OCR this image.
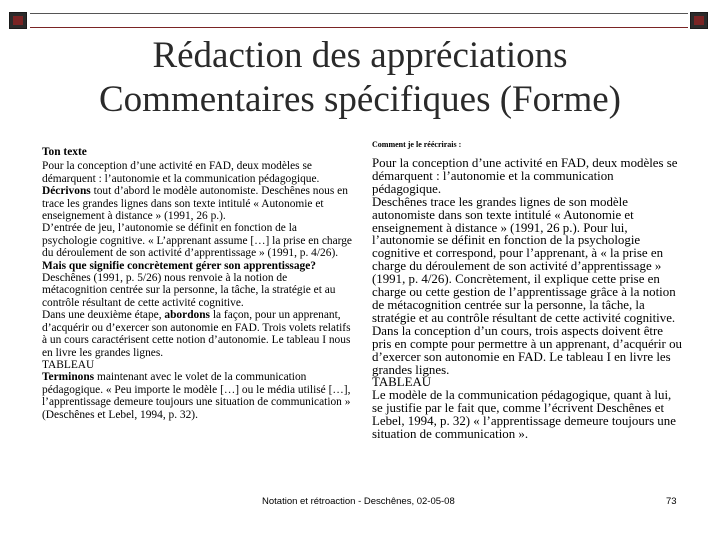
Rédaction des appréciations
Commentaires spécifiques (Forme)
Ton texte

Pour la conception d’une activité en FAD, deux modèles se démarquent : l’autonomie et la communication pédagogique.

Décrivons tout d’abord le modèle autonomiste. Deschênes nous en trace les grandes lignes dans son texte intitulé « Autonomie et enseignement à distance » (1991, 26 p.).

D’entrée de jeu, l’autonomie se définit en fonction de la psychologie cognitive. « L’apprenant assume […] la prise en charge du déroulement de son activité d’apprentissage » (1991, p. 4/26). Mais que signifie concrètement gérer son apprentissage? Deschênes (1991, p. 5/26) nous renvoie à la notion de métacognition centrée sur la personne, la tâche, la stratégie et au contrôle résultant de cette activité cognitive.

Dans une deuxième étape, abordons la façon, pour un apprenant, d’acquérir ou d’exercer son autonomie en FAD. Trois volets relatifs à un cours caractérisent cette notion d’autonomie. Le tableau I nous en livre les grandes lignes.

TABLEAU

Terminons maintenant avec le volet de la communication pédagogique. « Peu importe le modèle […] ou le média utilisé […], l’apprentissage demeure toujours une situation de communication » (Deschênes et Lebel, 1994, p. 32).

Comment je le réécrirais :

Pour la conception d’une activité en FAD, deux modèles se démarquent : l’autonomie et la communication pédagogique.

Deschênes trace les grandes lignes de son modèle autonomiste dans son texte intitulé « Autonomie et enseignement à distance » (1991, 26 p.). Pour lui, l’autonomie se définit en fonction de la psychologie cognitive et correspond, pour l’apprenant, à « la prise en charge du déroulement de son activité d’apprentissage » (1991, p. 4/26). Concrètement, il explique cette prise en charge ou cette gestion de l’apprentissage grâce à la notion de métacognition centrée sur la personne, la tâche, la stratégie et au contrôle résultant de cette activité cognitive. Dans la conception d’un cours, trois aspects doivent être pris en compte pour permettre à un apprenant, d’acquérir ou d’exercer son autonomie en FAD. Le tableau I en livre les grandes lignes.

TABLEAU

Le modèle de la communication pédagogique, quant à lui, se justifie par le fait que, comme l’écrivent Deschênes et Lebel, 1994, p. 32) « l’apprentissage demeure toujours une situation de communication ».

Notation et rétroaction - Deschênes, 02-05-08	73
